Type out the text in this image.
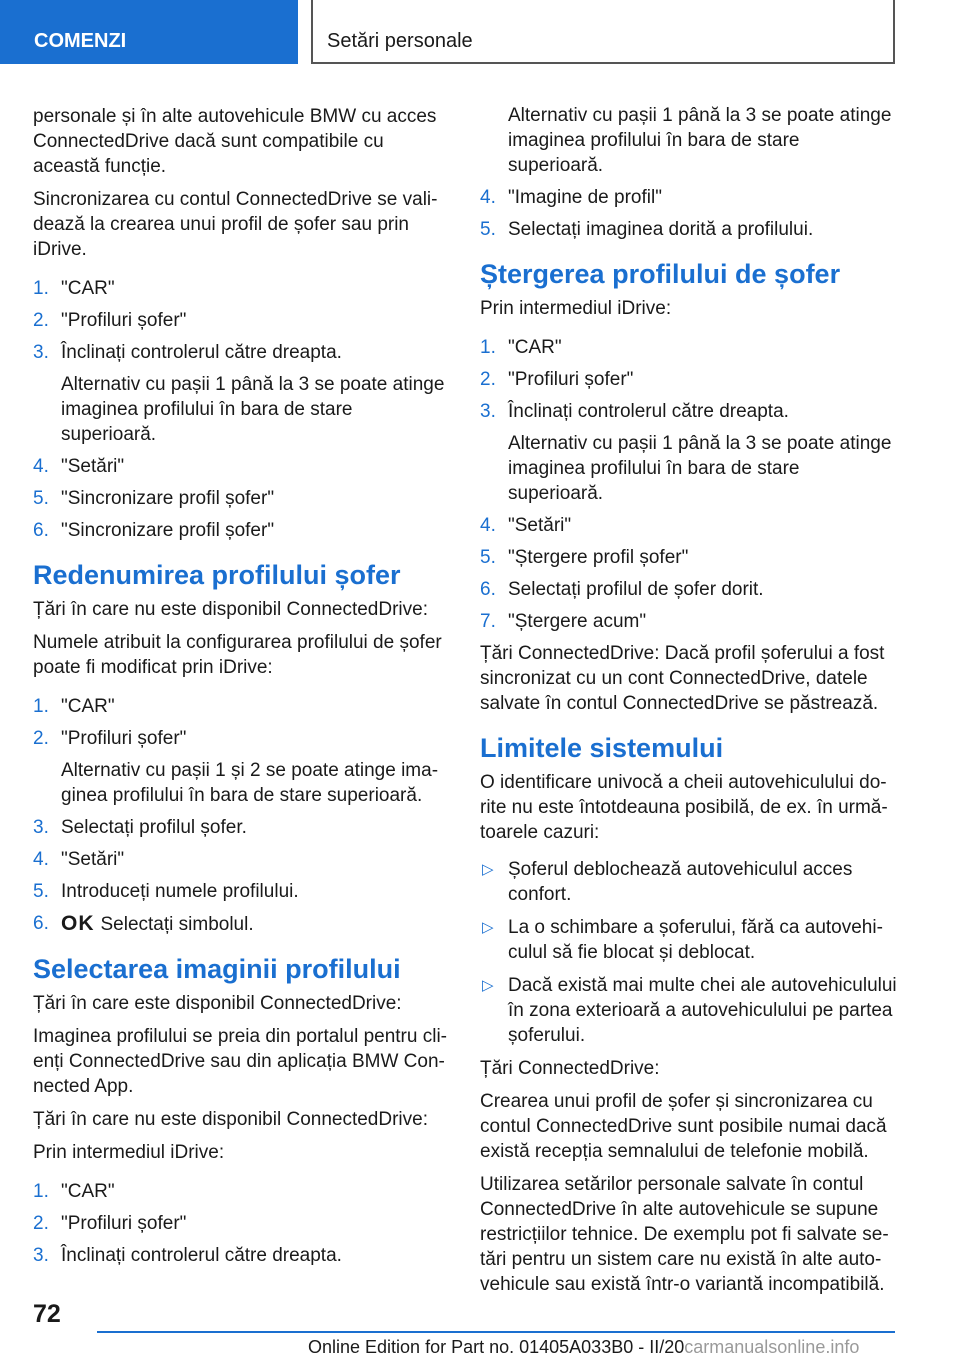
COMENZI	Setări personale

personale și în alte autovehicule BMW cu acces ConnectedDrive dacă sunt compatibile cu această funcție.

Sincronizarea cu contul ConnectedDrive se vali-dează la crearea unui profil de șofer sau prin iDrive.

1. "CAR"
2. "Profiluri șofer"
3. Înclinați controlerul către dreapta.
Alternativ cu pașii 1 până la 3 se poate atinge imaginea profilului în bara de stare superioară.
4. "Setări"
5. "Sincronizare profil șofer"
6. "Sincronizare profil șofer"
Redenumirea profilului șofer

Țări în care nu este disponibil ConnectedDrive:

Numele atribuit la configurarea profilului de șofer poate fi modificat prin iDrive:

1. "CAR"
2. "Profiluri șofer"
Alternativ cu pașii 1 și 2 se poate atinge ima-ginea profilului în bara de stare superioară.
3. Selectați profilul șofer.
4. "Setări"
5. Introduceți numele profilului.
6. OK Selectați simbolul.
Selectarea imaginii profilului

Țări în care este disponibil ConnectedDrive:

Imaginea profilului se preia din portalul pentru cli-enți ConnectedDrive sau din aplicația BMW Con-nected App.

Țări în care nu este disponibil ConnectedDrive:

Prin intermediul iDrive:

1. "CAR"
2. "Profiluri șofer"
3. Înclinați controlerul către dreapta.
Alternativ cu pașii 1 până la 3 se poate atinge imaginea profilului în bara de stare superioară.
4. "Imagine de profil"
5. Selectați imaginea dorită a profilului.
Ștergerea profilului de șofer

Prin intermediul iDrive:

1. "CAR"
2. "Profiluri șofer"
3. Înclinați controlerul către dreapta.
Alternativ cu pașii 1 până la 3 se poate atinge imaginea profilului în bara de stare superioară.
4. "Setări"
5. "Ștergere profil șofer"
6. Selectați profilul de șofer dorit.
7. "Ștergere acum"

Țări ConnectedDrive: Dacă profil șoferului a fost sincronizat cu un cont ConnectedDrive, datele salvate în contul ConnectedDrive se păstrează.

Limitele sistemului

O identificare univocă a cheii autovehiculului do-rite nu este întotdeauna posibilă, de ex. în urmă-toarele cazuri:

▷ Șoferul deblochează autovehiculul acces confort.
▷ La o schimbare a șoferului, fără ca autovehi-culul să fie blocat și deblocat.
▷ Dacă există mai multe chei ale autovehiculului în zona exterioară a autovehiculului pe partea șoferului.

Țări ConnectedDrive:

Crearea unui profil de șofer și sincronizarea cu contul ConnectedDrive sunt posibile numai dacă există recepția semnalului de telefonie mobilă.

Utilizarea setărilor personale salvate în contul ConnectedDrive în alte autovehicule se supune restricțiilor tehnice. De exemplu pot fi salvate se-tări pentru un sistem care nu există în alte auto-vehicule sau există într-o variantă incompatibilă.

72
Online Edition for Part no. 01405A033B0 - II/20carmanualsonline.info
